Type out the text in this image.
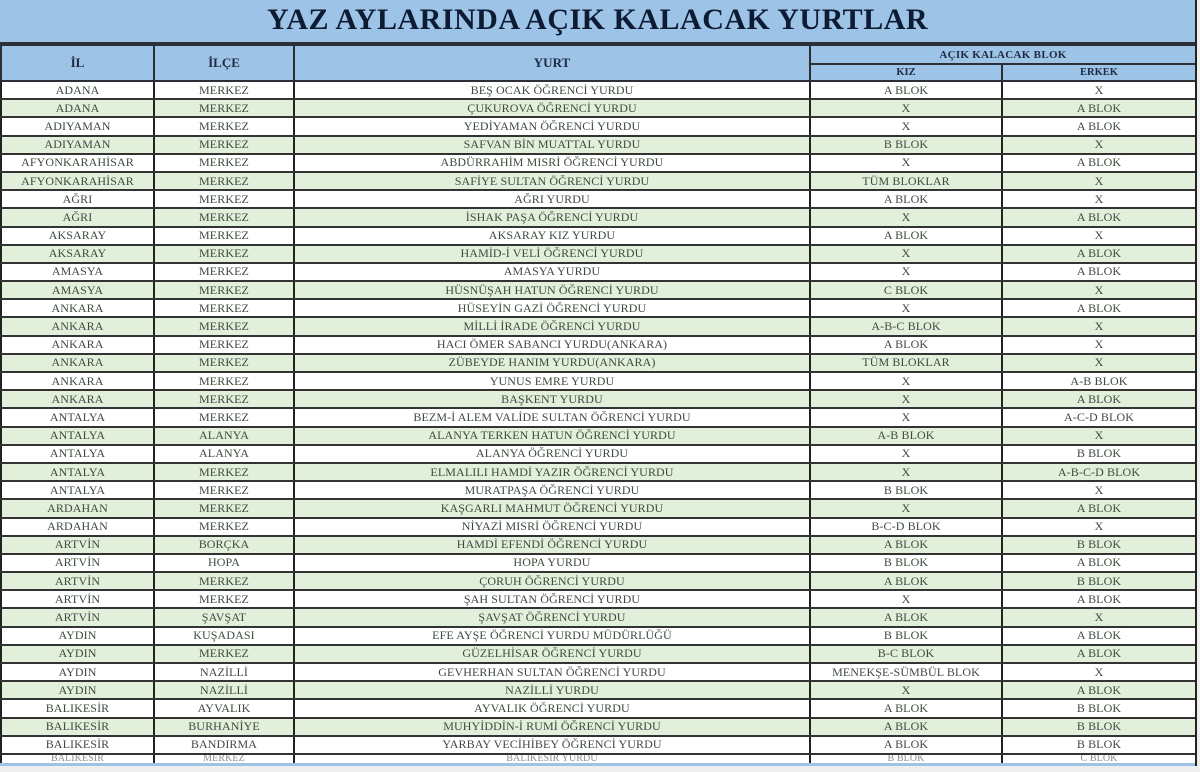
YAZ AYLARINDA AÇIK KALACAK YURTLAR
İL	İLÇE	YURT	AÇIK KALACAK BLOK	
			KIZ	ERKEK
ADANA	MERKEZ	BEŞ OCAK ÖĞRENCİ YURDU	A BLOK	X
ADANA	MERKEZ	ÇUKUROVA ÖĞRENCİ YURDU	X	A BLOK
ADIYAMAN	MERKEZ	YEDİYAMAN ÖĞRENCİ YURDU	X	A BLOK
ADIYAMAN	MERKEZ	SAFVAN BİN MUATTAL YURDU	B BLOK	X
AFYONKARAHİSAR	MERKEZ	ABDÜRRAHİM MISRİ ÖĞRENCİ YURDU	X	A BLOK
AFYONKARAHİSAR	MERKEZ	SAFİYE SULTAN ÖĞRENCİ YURDU	TÜM BLOKLAR	X
AĞRI	MERKEZ	AĞRI YURDU	A BLOK	X
AĞRI	MERKEZ	İSHAK PAŞA ÖĞRENCİ YURDU	X	A BLOK
AKSARAY	MERKEZ	AKSARAY KIZ YURDU	A BLOK	X
AKSARAY	MERKEZ	HAMİD-İ VELİ ÖĞRENCİ YURDU	X	A BLOK
AMASYA	MERKEZ	AMASYA YURDU	X	A BLOK
AMASYA	MERKEZ	HÜSNÜŞAH HATUN ÖĞRENCİ YURDU	C BLOK	X
ANKARA	MERKEZ	HÜSEYİN GAZİ ÖĞRENCİ YURDU	X	A BLOK
ANKARA	MERKEZ	MİLLİ İRADE ÖĞRENCİ YURDU	A-B-C BLOK	X
ANKARA	MERKEZ	HACI ÖMER SABANCI YURDU(ANKARA)	A BLOK	X
ANKARA	MERKEZ	ZÜBEYDE HANIM YURDU(ANKARA)	TÜM BLOKLAR	X
ANKARA	MERKEZ	YUNUS EMRE YURDU	X	A-B BLOK
ANKARA	MERKEZ	BAŞKENT YURDU	X	A BLOK
ANTALYA	MERKEZ	BEZM-İ ALEM VALİDE SULTAN ÖĞRENCİ YURDU	X	A-C-D BLOK
ANTALYA	ALANYA	ALANYA TERKEN HATUN ÖĞRENCİ YURDU	A-B BLOK	X
ANTALYA	ALANYA	ALANYA ÖĞRENCİ YURDU	X	B BLOK
ANTALYA	MERKEZ	ELMALILI HAMDİ YAZIR ÖĞRENCİ YURDU	X	A-B-C-D BLOK
ANTALYA	MERKEZ	MURATPAŞA ÖĞRENCİ YURDU	B BLOK	X
ARDAHAN	MERKEZ	KAŞGARLI MAHMUT ÖĞRENCİ YURDU	X	A BLOK
ARDAHAN	MERKEZ	NİYAZİ MISRİ ÖĞRENCİ YURDU	B-C-D BLOK	X
ARTVİN	BORÇKA	HAMDİ EFENDİ ÖĞRENCİ YURDU	A BLOK	B BLOK
ARTVİN	HOPA	HOPA YURDU	B BLOK	A BLOK
ARTVİN	MERKEZ	ÇORUH ÖĞRENCİ YURDU	A BLOK	B BLOK
ARTVİN	MERKEZ	ŞAH SULTAN ÖĞRENCİ YURDU	X	A BLOK
ARTVİN	ŞAVŞAT	ŞAVŞAT ÖĞRENCİ YURDU	A BLOK	X
AYDIN	KUŞADASI	EFE AYŞE ÖĞRENCİ YURDU MÜDÜRLÜĞÜ	B BLOK	A BLOK
AYDIN	MERKEZ	GÜZELHİSAR ÖĞRENCİ YURDU	B-C BLOK	A BLOK
AYDIN	NAZİLLİ	GEVHERHAN SULTAN ÖĞRENCİ YURDU	MENEKŞE-SÜMBÜL BLOK	X
AYDIN	NAZİLLİ	NAZİLLİ YURDU	X	A BLOK
BALIKESİR	AYVALIK	AYVALIK ÖĞRENCİ YURDU	A BLOK	B BLOK
BALIKESİR	BURHANİYE	MUHYİDDİN-İ RUMİ ÖĞRENCİ YURDU	A BLOK	B BLOK
BALIKESİR	BANDIRMA	YARBAY VECİHİBEY ÖĞRENCİ YURDU	A BLOK	B BLOK
BALIKESİR	MERKEZ	BALIKESİR YURDU	B BLOK	C BLOK
